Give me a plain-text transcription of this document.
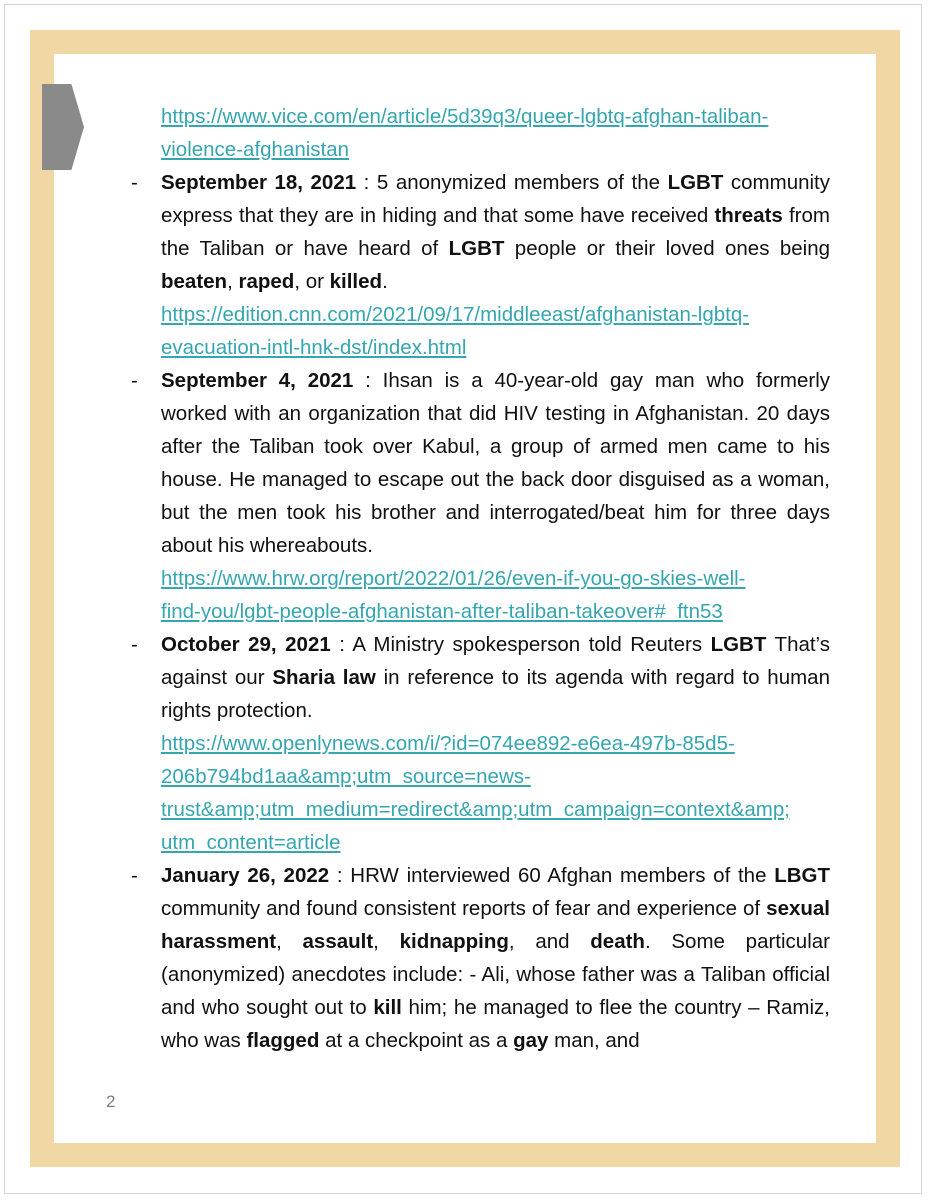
https://www.vice.com/en/article/5d39q3/queer-lgbtq-afghan-taliban-
violence-afghanistan
- September 18, 2021 : 5 anonymized members of the LGBT community express that they are in hiding and that some have received threats from the Taliban or have heard of LGBT people or their loved ones being beaten, raped, or killed.
https://edition.cnn.com/2021/09/17/middleeast/afghanistan-lgbtq-
evacuation-intl-hnk-dst/index.html
- September 4, 2021 : Ihsan is a 40-year-old gay man who formerly worked with an organization that did HIV testing in Afghanistan. 20 days after the Taliban took over Kabul, a group of armed men came to his house. He managed to escape out the back door disguised as a woman, but the men took his brother and interrogated/beat him for three days about his whereabouts.
https://www.hrw.org/report/2022/01/26/even-if-you-go-skies-well-
find-you/lgbt-people-afghanistan-after-taliban-takeover#_ftn53
- October 29, 2021 : A Ministry spokesperson told Reuters LGBT That’s against our Sharia law in reference to its agenda with regard to human rights protection.
https://www.openlynews.com/i/?id=074ee892-e6ea-497b-85d5-
206b794bd1aa&amp;utm_source=news-
trust&amp;utm_medium=redirect&amp;utm_campaign=context&amp;
utm_content=article
- January 26, 2022 : HRW interviewed 60 Afghan members of the LBGT community and found consistent reports of fear and experience of sexual harassment, assault, kidnapping, and death. Some particular (anonymized) anecdotes include: - Ali, whose father was a Taliban official and who sought out to kill him; he managed to flee the country – Ramiz, who was flagged at a checkpoint as a gay man, and
2
